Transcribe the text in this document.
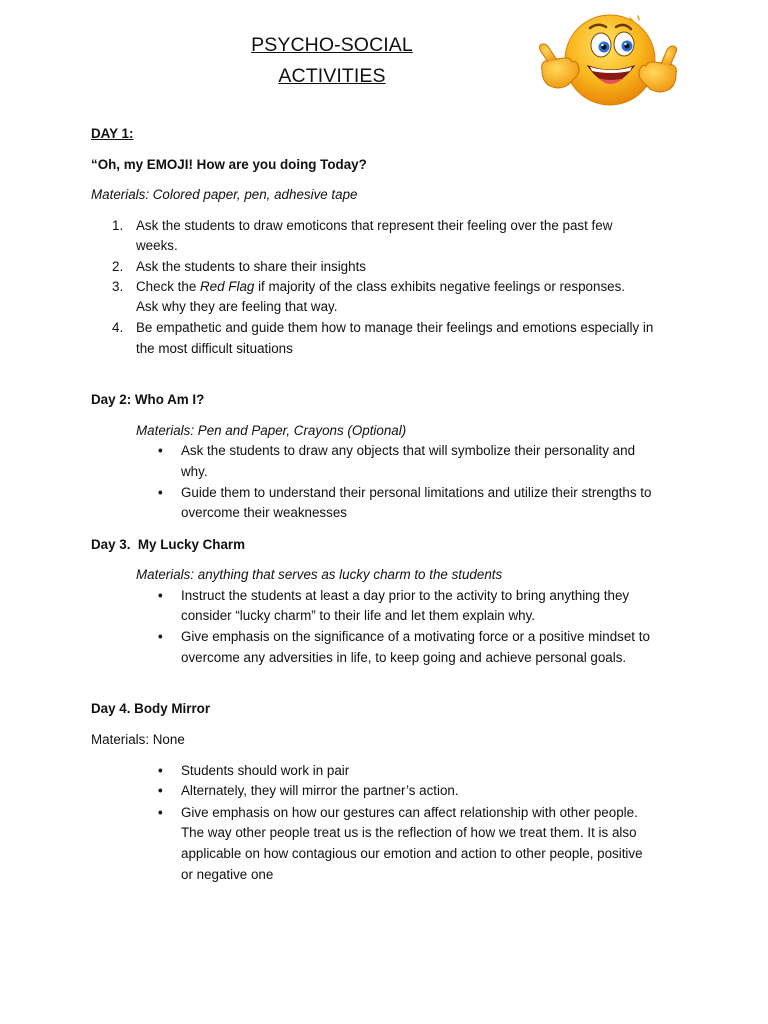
PSYCHO-SOCIAL
ACTIVITIES
DAY 1:
“Oh, my EMOJI! How are you doing Today?
Materials: Colored paper, pen, adhesive tape
1. Ask the students to draw emoticons that represent their feeling over the past few
weeks.
2. Ask the students to share their insights
3. Check the Red Flag if majority of the class exhibits negative feelings or responses.
Ask why they are feeling that way.
4. Be empathetic and guide them how to manage their feelings and emotions especially in
the most difficult situations
Day 2: Who Am I?
Materials: Pen and Paper, Crayons (Optional)
• Ask the students to draw any objects that will symbolize their personality and
why.
• Guide them to understand their personal limitations and utilize their strengths to
overcome their weaknesses
Day 3.  My Lucky Charm
Materials: anything that serves as lucky charm to the students
• Instruct the students at least a day prior to the activity to bring anything they
consider “lucky charm” to their life and let them explain why.
• Give emphasis on the significance of a motivating force or a positive mindset to
overcome any adversities in life, to keep going and achieve personal goals.
Day 4. Body Mirror
Materials: None
• Students should work in pair
• Alternately, they will mirror the partner’s action.
• Give emphasis on how our gestures can affect relationship with other people.
The way other people treat us is the reflection of how we treat them. It is also
applicable on how contagious our emotion and action to other people, positive
or negative one
